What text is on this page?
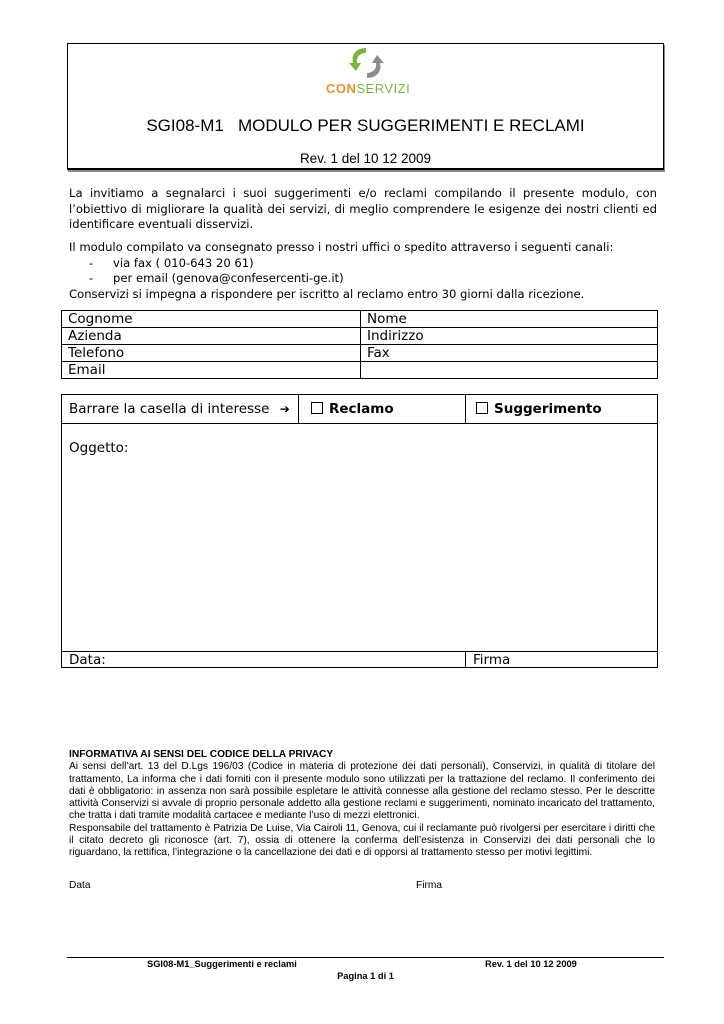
CONSERVIZI
SGI08-M1   MODULO PER SUGGERIMENTI E RECLAMI
Rev. 1 del 10 12 2009
La invitiamo a segnalarci i suoi suggerimenti e/o reclami compilando il presente modulo, con l’obiettivo di migliorare la qualità dei servizi, di meglio comprendere le esigenze dei nostri clienti ed identificare eventuali disservizi.
Il modulo compilato va consegnato presso i nostri uffici o spedito attraverso i seguenti canali:
- via fax ( 010-643 20 61)
- per email (genova@confesercenti-ge.it)
Conservizi si impegna a rispondere per iscritto al reclamo entro 30 giorni dalla ricezione.
Cognome	Nome
Azienda	Indirizzo
Telefono	Fax
Email	
Barrare la casella di interesse ➔	Reclamo	Suggerimento
Oggetto:
Data:	Firma
INFORMATIVA AI SENSI DEL CODICE DELLA PRIVACY
Ai sensi dell’art. 13 del D.Lgs 196/03 (Codice in materia di protezione dei dati personali), Conservizi, in qualità di titolare del trattamento, La informa che i dati forniti con il presente modulo sono utilizzati per la trattazione del reclamo. Il conferimento dei dati è obbligatorio: in assenza non sarà possibile espletare le attività connesse alla gestione del reclamo stesso. Per le descritte attività Conservizi si avvale di proprio personale addetto alla gestione reclami e suggerimenti, nominato incaricato del trattamento, che tratta i dati tramite modalità cartacee e mediante l’uso di mezzi elettronici.
Responsabile del trattamento è Patrizia De Luise, Via Cairoli 11, Genova, cui il reclamante può rivolgersi per esercitare i diritti che il citato decreto gli riconosce (art. 7), ossia di ottenere la conferma dell’esistenza in Conservizi dei dati personali che lo riguardano, la rettifica, l’integrazione o la cancellazione dei dati e di opporsi al trattamento stesso per motivi legittimi.
Data	Firma
SGI08-M1_Suggerimenti e reclami	Rev. 1 del 10 12 2009
Pagina 1 di 1
